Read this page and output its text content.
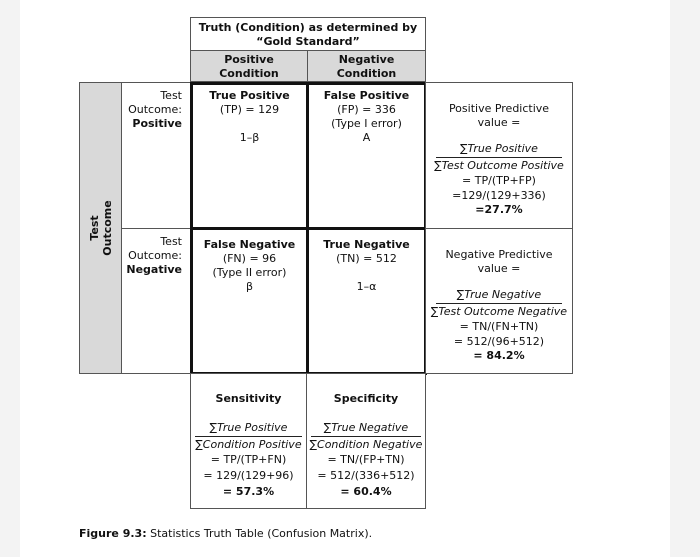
Truth (Condition) as determined by
“Gold Standard”
Positive
Condition
Negative
Condition
Test Outcome
Test
Outcome:
Positive
Test
Outcome:
Negative
True Positive
(TP) = 129
1–β
False Positive
(FP) = 336
(Type I error)
A
False Negative
(FN) = 96
(Type II error)
β
True Negative
(TN) = 512
1–α
Positive Predictive
value =
∑True Positive
∑Test Outcome Positive
= TP/(TP+FP)
=129/(129+336)
=27.7%
Negative Predictive
value =
∑True Negative
∑Test Outcome Negative
= TN/(FN+TN)
= 512/(96+512)
= 84.2%
Sensitivity
∑True Positive
∑Condition Positive
= TP/(TP+FN)
= 129/(129+96)
= 57.3%
Specificity
∑True Negative
∑Condition Negative
= TN/(FP+TN)
= 512/(336+512)
= 60.4%
Figure 9.3: Statistics Truth Table (Confusion Matrix).
